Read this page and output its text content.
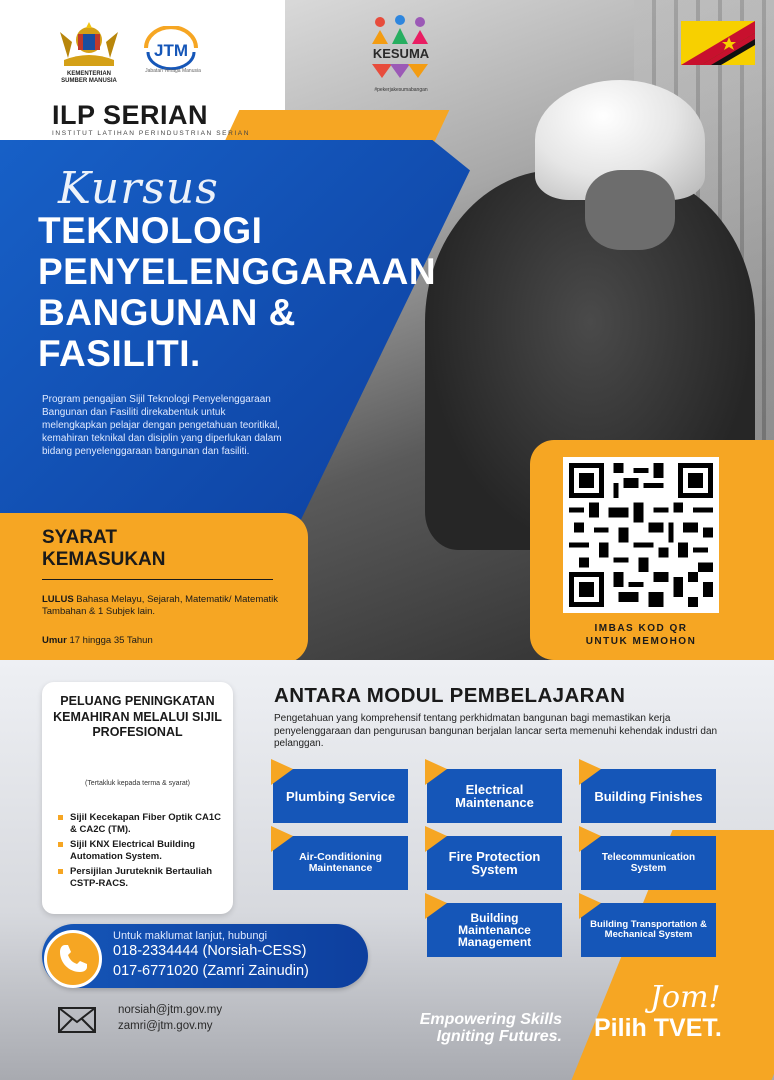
KEMENTERIAN SUMBER MANUSIA
JTM
Jabatan Tenaga Manusia
ILP SERIAN
INSTITUT LATIHAN PERINDUSTRIAN SERIAN
KESUMA
#pekerjakesumabangan
Kursus
TEKNOLOGI
PENYELENGGARAAN
BANGUNAN &
FASILITI.
Program pengajian Sijil Teknologi Penyelenggaraan Bangunan dan Fasiliti direkabentuk untuk melengkapkan pelajar dengan pengetahuan teoritikal, kemahiran teknikal dan disiplin yang diperlukan dalam bidang penyelenggaraan bangunan dan fasiliti.
IMBAS KOD QR
UNTUK MEMOHON
SYARAT
KEMASUKAN
LULUS Bahasa Melayu, Sejarah, Matematik/ Matematik Tambahan & 1 Subjek lain.
Umur 17 hingga 35 Tahun
PELUANG PENINGKATAN KEMAHIRAN MELALUI SIJIL PROFESIONAL
(Tertakluk kepada terma & syarat)
Sijil Kecekapan Fiber Optik CA1C & CA2C (TM).
Sijil KNX Electrical Building Automation System.
Persijilan Juruteknik Bertauliah CSTP-RACS.
ANTARA MODUL PEMBELAJARAN
Pengetahuan yang komprehensif tentang perkhidmatan bangunan bagi memastikan kerja penyelenggaraan dan pengurusan bangunan berjalan lancar serta memenuhi kehendak industri dan pelanggan.
Plumbing Service	Electrical Maintenance	Building Finishes
Air-Conditioning Maintenance
Fire Protection System
Telecommunication System
Building Maintenance Management
Building Transportation & Mechanical System
Untuk maklumat lanjut, hubungi
018-2334444 (Norsiah-CESS)
017-6771020 (Zamri Zainudin)
norsiah@jtm.gov.my
zamri@jtm.gov.my	Empowering Skills
Igniting Futures.
Jom!
Pilih TVET.
